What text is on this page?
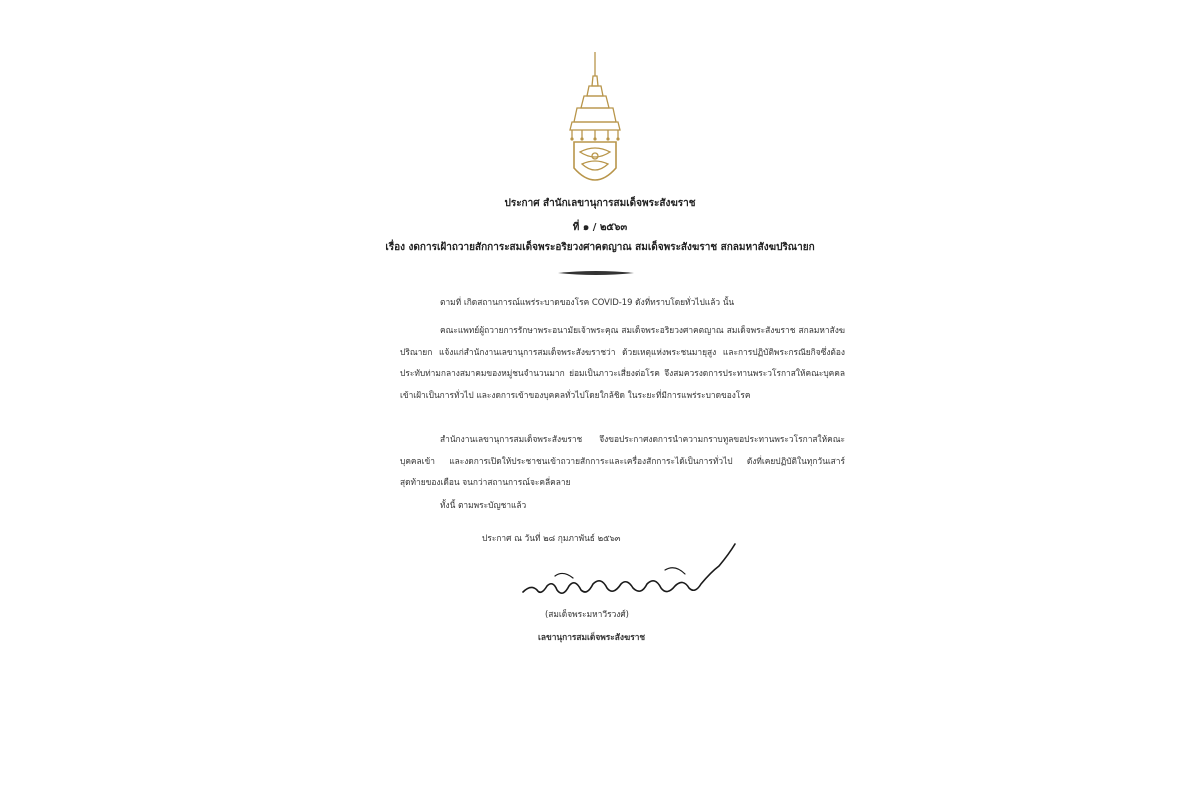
ประกาศ สำนักเลขานุการสมเด็จพระสังฆราช
ที่ ๑ / ๒๕๖๓
เรื่อง งดการเฝ้าถวายสักการะสมเด็จพระอริยวงศาคตญาณ สมเด็จพระสังฆราช สกลมหาสังฆปริณายก
ตามที่ เกิดสถานการณ์แพร่ระบาดของโรค COVID-19 ดังที่ทราบโดยทั่วไปแล้ว นั้น
คณะแพทย์ผู้ถวายการรักษาพระอนามัยเจ้าพระคุณ สมเด็จพระอริยวงศาคตญาณ สมเด็จพระสังฆราช สกลมหาสังฆปริณายก แจ้งแก่สำนักงานเลขานุการสมเด็จพระสังฆราชว่า ด้วยเหตุแห่งพระชนมายุสูง และการปฏิบัติพระกรณียกิจซึ่งต้องประทับท่ามกลางสมาคมของหมู่ชนจำนวนมาก ย่อมเป็นภาวะเสี่ยงต่อโรค จึงสมควรงดการประทานพระวโรกาสให้คณะบุคคลเข้าเฝ้าเป็นการทั่วไป และงดการเข้าของบุคคลทั่วไปโดยใกล้ชิด ในระยะที่มีการแพร่ระบาดของโรค
สำนักงานเลขานุการสมเด็จพระสังฆราช จึงขอประกาศงดการนำความกราบทูลขอประทานพระวโรกาสให้คณะบุคคลเข้า และงดการเปิดให้ประชาชนเข้าถวายสักการะและเครื่องสักการะได้เป็นการทั่วไป ดังที่เคยปฏิบัติในทุกวันเสาร์สุดท้ายของเดือน จนกว่าสถานการณ์จะคลี่คลาย
ทั้งนี้ ตามพระบัญชาแล้ว
ประกาศ ณ วันที่ ๒๘ กุมภาพันธ์ ๒๕๖๓
(สมเด็จพระมหาวีรวงศ์)
เลขานุการสมเด็จพระสังฆราช
